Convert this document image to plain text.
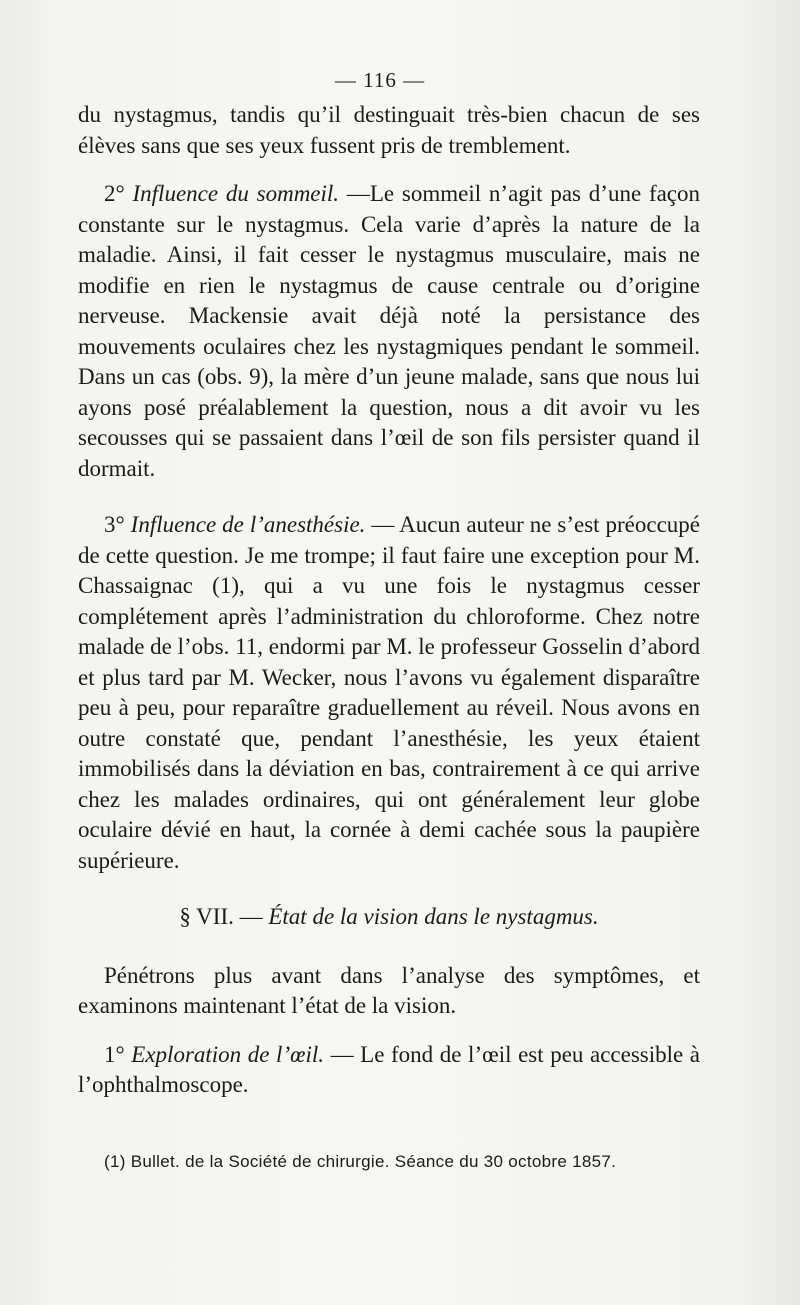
— 116 —

du nystagmus, tandis qu’il destinguait très-bien chacun de ses élèves sans que ses yeux fussent pris de tremblement.

2° Influence du sommeil. —Le sommeil n’agit pas d’une façon constante sur le nystagmus. Cela varie d’après la nature de la maladie. Ainsi, il fait cesser le nystagmus musculaire, mais ne modifie en rien le nystagmus de cause centrale ou d’origine nerveuse. Mackensie avait déjà noté la persistance des mouvements oculaires chez les nystagmiques pendant le sommeil. Dans un cas (obs. 9), la mère d’un jeune malade, sans que nous lui ayons posé préalablement la question, nous a dit avoir vu les secousses qui se passaient dans l’œil de son fils persister quand il dormait.

3° Influence de l’anesthésie. — Aucun auteur ne s’est préoccupé de cette question. Je me trompe; il faut faire une exception pour M. Chassaignac (1), qui a vu une fois le nystagmus cesser complétement après l’administration du chloroforme. Chez notre malade de l’obs. 11, endormi par M. le professeur Gosselin d’abord et plus tard par M. Wecker, nous l’avons vu également disparaître peu à peu, pour reparaître graduellement au réveil. Nous avons en outre constaté que, pendant l’anesthésie, les yeux étaient immobilisés dans la déviation en bas, contrairement à ce qui arrive chez les malades ordinaires, qui ont généralement leur globe oculaire dévié en haut, la cornée à demi cachée sous la paupière supérieure.

§ VII. — État de la vision dans le nystagmus.

Pénétrons plus avant dans l’analyse des symptômes, et examinons maintenant l’état de la vision.

1° Exploration de l’œil. — Le fond de l’œil est peu accessible à l’ophthalmoscope.

(1) Bullet. de la Société de chirurgie. Séance du 30 octobre 1857.
